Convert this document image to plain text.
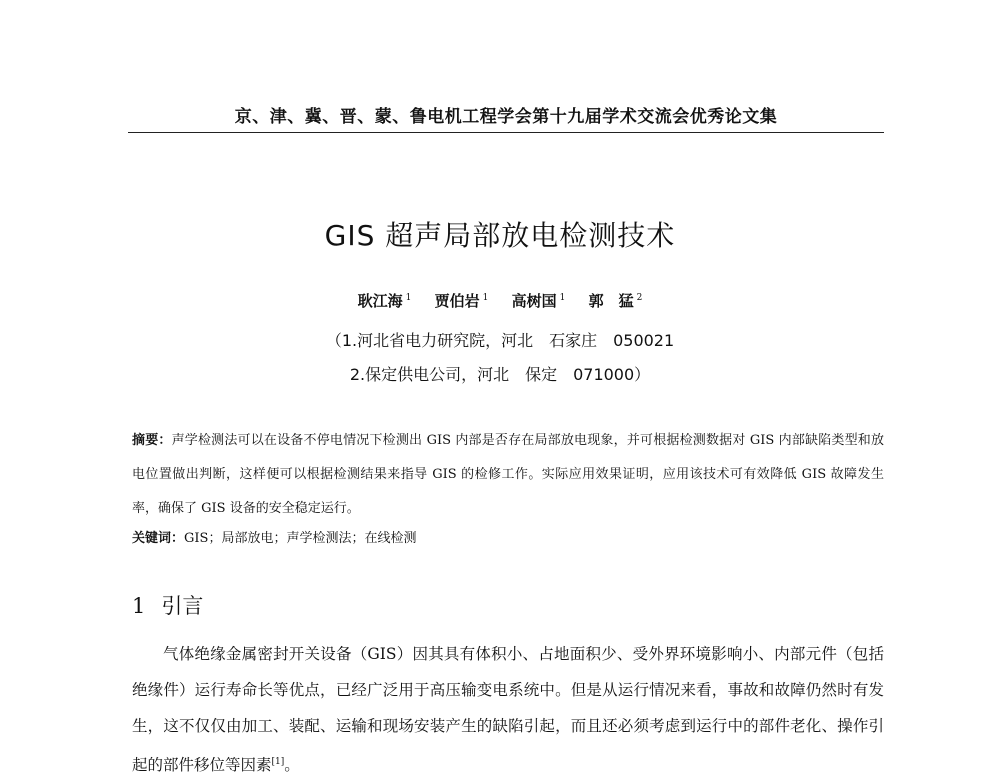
京、津、冀、晋、蒙、鲁电机工程学会第十九届学术交流会优秀论文集
GIS 超声局部放电检测技术
耿江海 $^1$ 贾伯岩 $^1$ 高树国 $^1$ 郭　猛 $^2$
（1.河北省电力研究院，河北　石家庄　050021
2.保定供电公司，河北　保定　071000）
摘要：声学检测法可以在设备不停电情况下检测出 GIS 内部是否存在局部放电现象，并可根据检测数据对 GIS 内部缺陷类型和放电位置做出判断，这样便可以根据检测结果来指导 GIS 的检修工作。实际应用效果证明，应用该技术可有效降低 GIS 故障发生率，确保了 GIS 设备的安全稳定运行。
关键词：GIS；局部放电；声学检测法；在线检测
1 引言
气体绝缘金属密封开关设备（GIS）因其具有体积小、占地面积少、受外界环境影响小、内部元件（包括绝缘件）运行寿命长等优点，已经广泛用于高压输变电系统中。但是从运行情况来看，事故和故障仍然时有发生，这不仅仅由加工、装配、运输和现场安装产生的缺陷引起，而且还必须考虑到运行中的部件老化、操作引起的部件移位等因素[1]。
